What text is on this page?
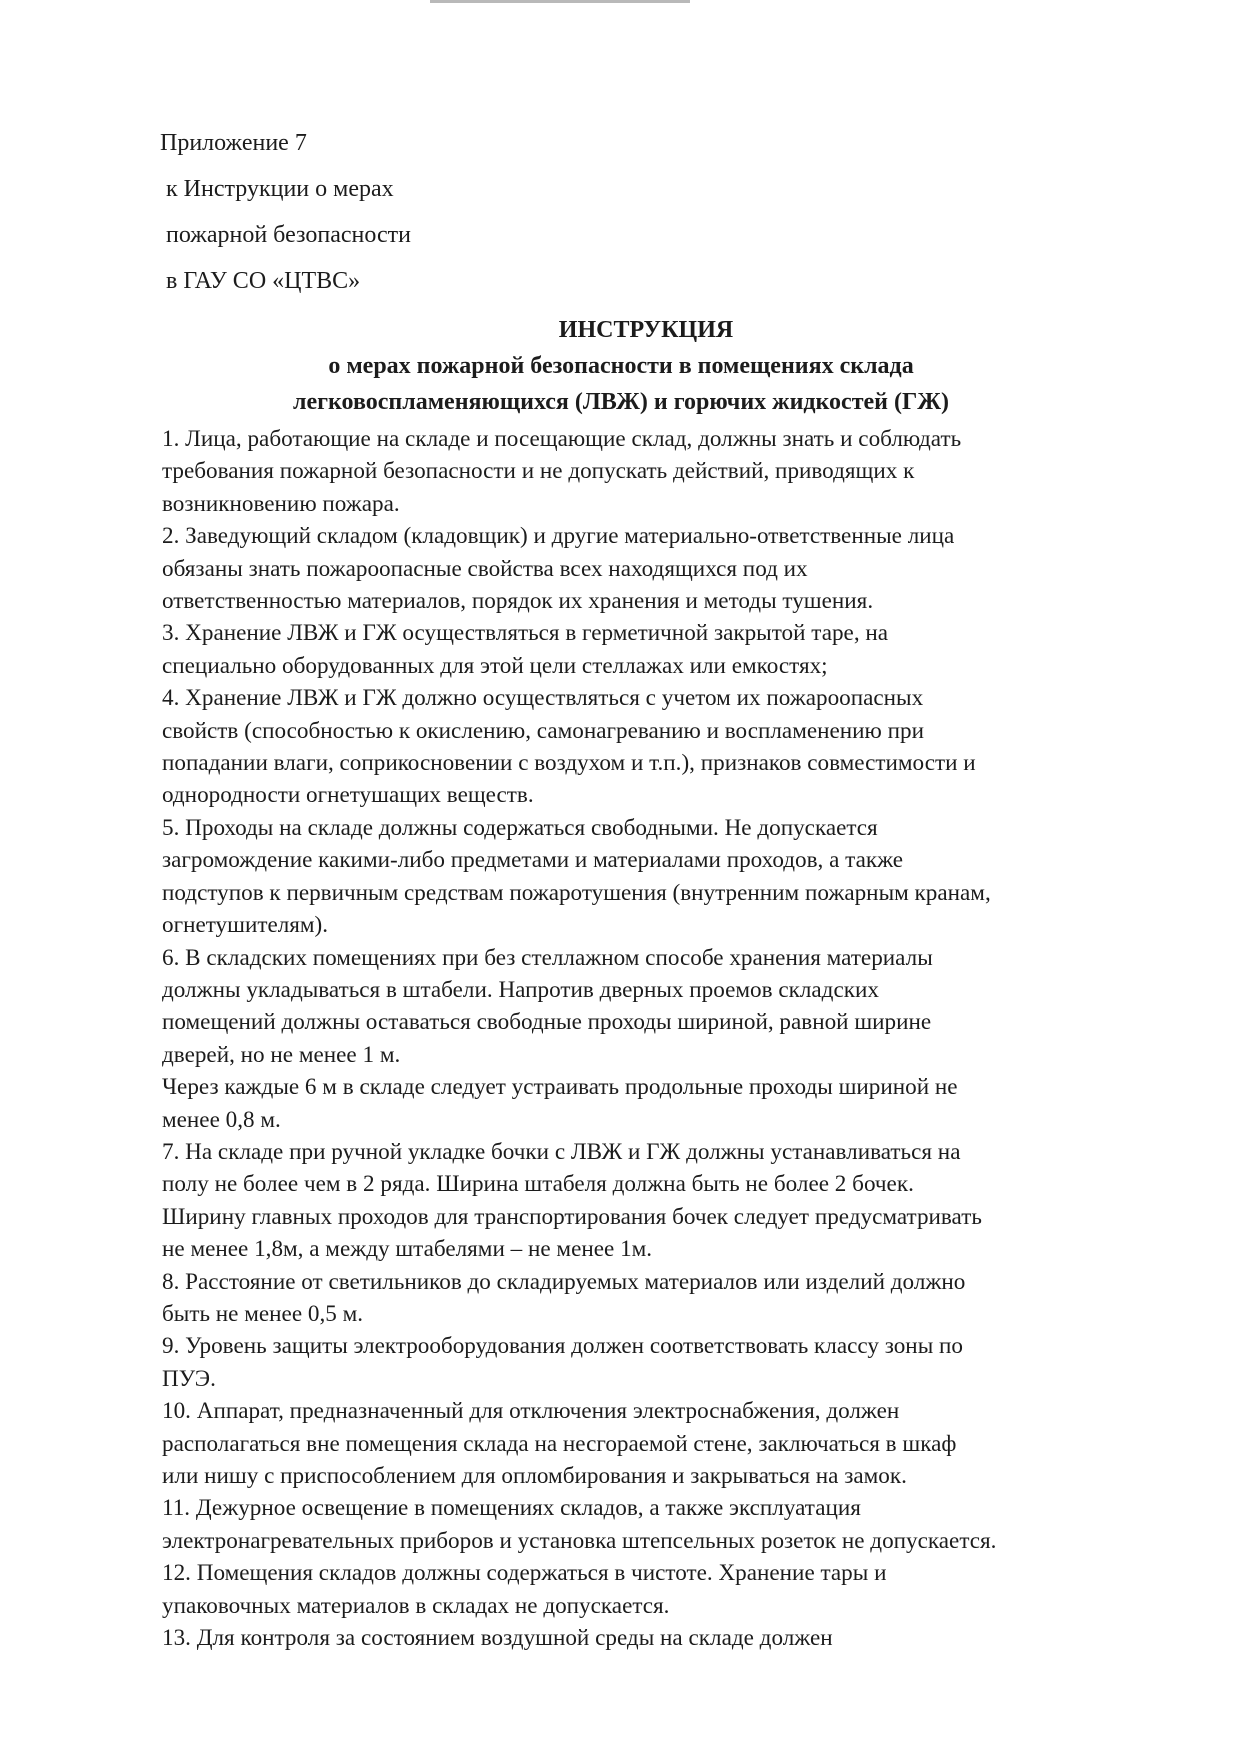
Приложение 7
к Инструкции о мерах
пожарной безопасности
в ГАУ СО «ЦТВС»
ИНСТРУКЦИЯ
о мерах пожарной безопасности в помещениях склада
легковоспламеняющихся (ЛВЖ) и горючих жидкостей (ГЖ)
1. Лица, работающие на складе и посещающие склад, должны знать и соблюдать
требования пожарной безопасности и не допускать действий, приводящих к
возникновению пожара.
2. Заведующий складом (кладовщик) и другие материально-ответственные лица
обязаны знать пожароопасные свойства всех находящихся под их
ответственностью материалов, порядок их хранения и методы тушения.
3. Хранение ЛВЖ и ГЖ осуществляться в герметичной закрытой таре, на
специально оборудованных для этой цели стеллажах или емкостях;
4. Хранение ЛВЖ и ГЖ должно осуществляться с учетом их пожароопасных
свойств (способностью к окислению, самонагреванию и воспламенению при
попадании влаги, соприкосновении с воздухом и т.п.), признаков совместимости и
однородности огнетушащих веществ.
5. Проходы на складе должны содержаться свободными. Не допускается
загромождение какими-либо предметами и материалами проходов, а также
подступов к первичным средствам пожаротушения (внутренним пожарным кранам,
огнетушителям).
6. В складских помещениях при без стеллажном способе хранения материалы
должны укладываться в штабели. Напротив дверных проемов складских
помещений должны оставаться свободные проходы шириной, равной ширине
дверей, но не менее 1 м.
Через каждые 6 м в складе следует устраивать продольные проходы шириной не
менее 0,8 м.
7. На складе при ручной укладке бочки с ЛВЖ и ГЖ должны устанавливаться на
полу не более чем в 2 ряда. Ширина штабеля должна быть не более 2 бочек.
Ширину главных проходов для транспортирования бочек следует предусматривать
не менее 1,8м, а между штабелями – не менее 1м.
8. Расстояние от светильников до складируемых материалов или изделий должно
быть не менее 0,5 м.
9. Уровень защиты электрооборудования должен соответствовать классу зоны по
ПУЭ.
10. Аппарат, предназначенный для отключения электроснабжения, должен
располагаться вне помещения склада на несгораемой стене, заключаться в шкаф
или нишу с приспособлением для опломбирования и закрываться на замок.
11. Дежурное освещение в помещениях складов, а также эксплуатация
электронагревательных приборов и установка штепсельных розеток не допускается.
12. Помещения складов должны содержаться в чистоте. Хранение тары и
упаковочных материалов в складах не допускается.
13. Для контроля за состоянием воздушной среды на складе должен
